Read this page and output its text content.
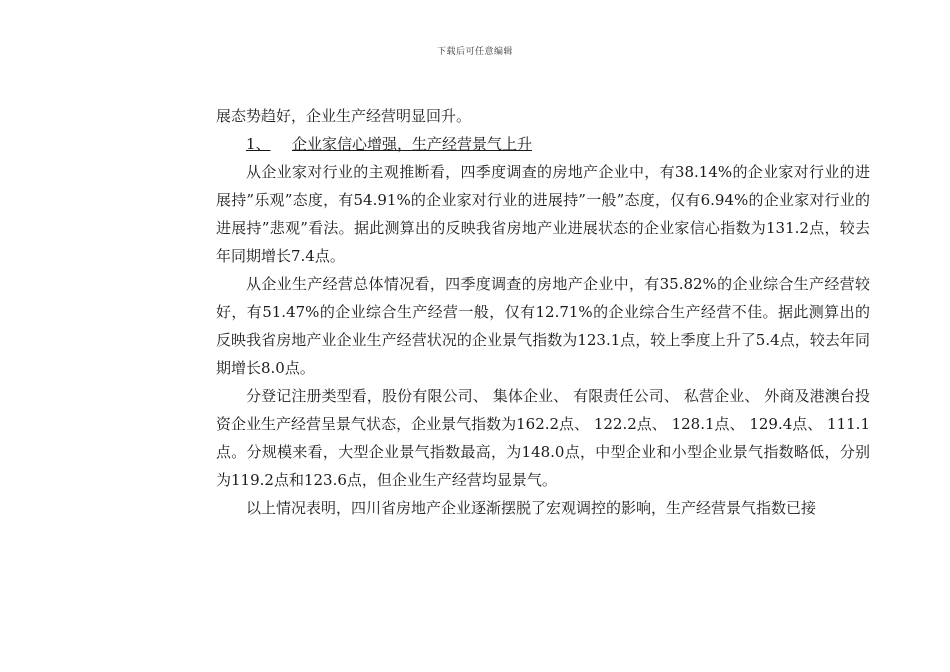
下载后可任意编辑

展态势趋好，企业生产经营明显回升。

1、 企业家信心增强，生产经营景气上升

从企业家对行业的主观推断看，四季度调查的房地产企业中，有38.14%的企业家对行业的进展持”乐观”态度，有54.91%的企业家对行业的进展持”一般”态度，仅有6.94%的企业家对行业的进展持”悲观”看法。据此测算出的反映我省房地产业进展状态的企业家信心指数为131.2点，较去年同期增长7.4点。

从企业生产经营总体情况看，四季度调查的房地产企业中，有35.82%的企业综合生产经营较好，有51.47%的企业综合生产经营一般，仅有12.71%的企业综合生产经营不佳。据此测算出的反映我省房地产业企业生产经营状况的企业景气指数为123.1点，较上季度上升了5.4点，较去年同期增长8.0点。

分登记注册类型看，股份有限公司、 集体企业、 有限责任公司、 私营企业、 外商及港澳台投资企业生产经营呈景气状态，企业景气指数为162.2点、 122.2点、 128.1点、 129.4点、 111.1点。分规模来看，大型企业景气指数最高，为148.0点，中型企业和小型企业景气指数略低，分别为119.2点和123.6点，但企业生产经营均显景气。

以上情况表明，四川省房地产企业逐渐摆脱了宏观调控的影响，生产经营景气指数已接
